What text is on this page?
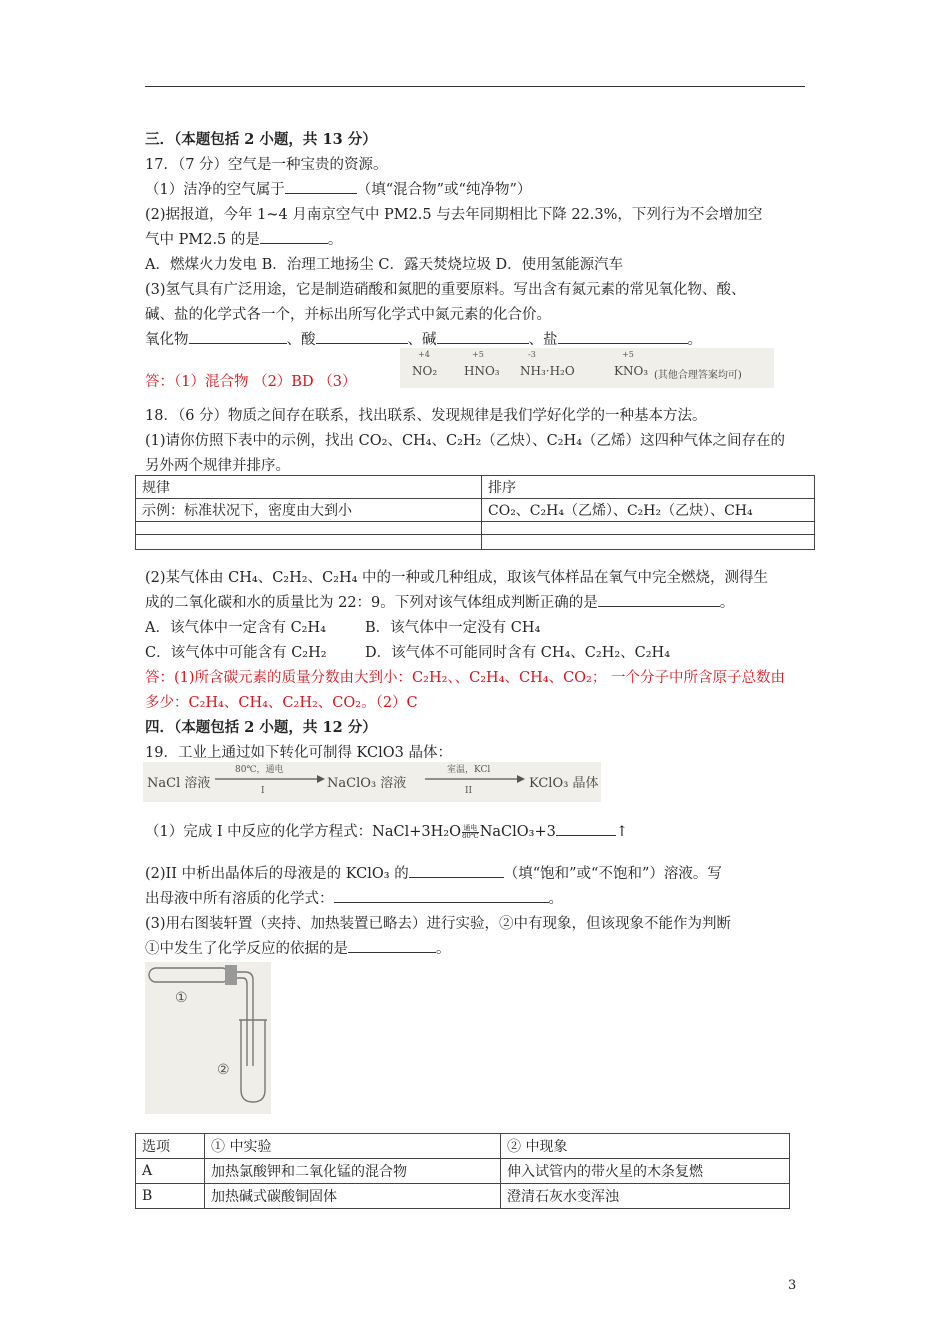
三．（本题包括 2 小题，共 13 分）
17．（7 分）空气是一种宝贵的资源。
（1）洁净的空气属于	（填“混合物”或“纯净物”）
(2)据报道，今年 1~4 月南京空气中 PM2.5 与去年同期相比下降 22.3%，下列行为不会增加空
气中 PM2.5 的是	。
A．燃煤火力发电 B．治理工地扬尘 C．露天焚烧垃圾 D．使用氢能源汽车
(3)氢气具有广泛用途，它是制造硝酸和氮肥的重要原料。写出含有氮元素的常见氧化物、酸、
碱、盐的化学式各一个，并标出所写化学式中氮元素的化合价。
氧化物	、酸	、碱	、盐	。
答：（1）混合物 （2）BD （3）
+4	+5	-3	+5
NO₂ HNO₃ NH₃·H₂O	KNO₃ (其他合理答案均可)
18．（6 分）物质之间存在联系，找出联系、发现规律是我们学好化学的一种基本方法。
(1)请你仿照下表中的示例，找出 CO₂、CH₄、C₂H₂（乙炔）、C₂H₄（乙烯）这四种气体之间存在的
另外两个规律并排序。
规律	排序
示例：标准状况下，密度由大到小	CO₂、C₂H₄（乙烯）、C₂H₂（乙炔）、CH₄

(2)某气体由 CH₄、C₂H₂、C₂H₄ 中的一种或几种组成，取该气体样品在氧气中完全燃烧，测得生
成的二氧化碳和水的质量比为 22：9。下列对该气体组成判断正确的是	。
A．该气体中一定含有 C₂H₄	B．该气体中一定没有 CH₄
C．该气体中可能含有 C₂H₂	D．该气体不可能同时含有 CH₄、C₂H₂、C₂H₄
答：(1)所含碳元素的质量分数由大到小：C₂H₂、、C₂H₄、CH₄、CO₂； 一个分子中所含原子总数由
多少：C₂H₄、CH₄、C₂H₂、CO₂。（2）C
四．（本题包括 2 小题，共 12 分）
19．工业上通过如下转化可制得 KClO3 晶体：
NaCl 溶液
80℃，通电
I	NaClO₃ 溶液
室温，KCl
II	KClO₃ 晶体
（1）完成 I 中反应的化学方程式：NaCl+3H₂O 通电
80℃NaClO₃+3	↑
(2)II 中析出晶体后的母液是的 KClO₃ 的	（填“饱和”或“不饱和”）溶液。写
出母液中所有溶质的化学式：	。
(3)用右图装轩置（夹持、加热装置已略去）进行实验，②中有现象，但该现象不能作为判断
①中发生了化学反应的依据的是	。
①
②
选项	① 中实验	② 中现象
A	加热氯酸钾和二氧化锰的混合物	伸入试管内的带火星的木条复燃
B	加热碱式碳酸铜固体	澄清石灰水变浑浊
3
